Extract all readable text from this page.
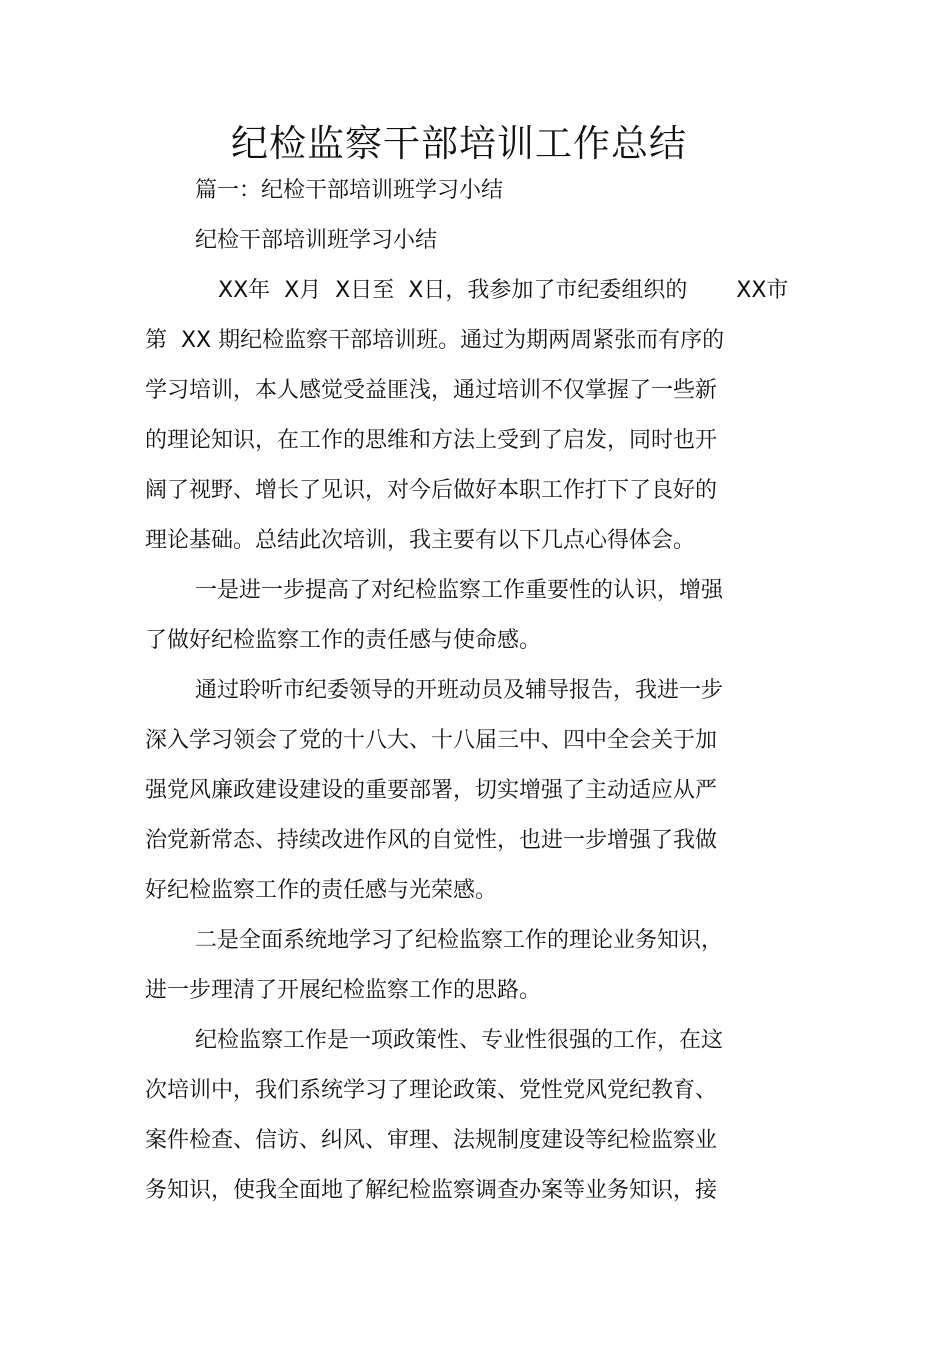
纪检监察干部培训工作总结

篇一：纪检干部培训班学习小结

纪检干部培训班学习小结

XX年  X月  X日至  X日，我参加了市纪委组织的       XX市

第  XX 期纪检监察干部培训班。通过为期两周紧张而有序的

学习培训，本人感觉受益匪浅，通过培训不仅掌握了一些新

的理论知识，在工作的思维和方法上受到了启发，同时也开

阔了视野、增长了见识，对今后做好本职工作打下了良好的

理论基础。总结此次培训，我主要有以下几点心得体会。

一是进一步提高了对纪检监察工作重要性的认识，增强

了做好纪检监察工作的责任感与使命感。

通过聆听市纪委领导的开班动员及辅导报告，我进一步

深入学习领会了党的十八大、十八届三中、四中全会关于加

强党风廉政建设建设的重要部署，切实增强了主动适应从严

治党新常态、持续改进作风的自觉性，也进一步增强了我做

好纪检监察工作的责任感与光荣感。

二是全面系统地学习了纪检监察工作的理论业务知识，

进一步理清了开展纪检监察工作的思路。

纪检监察工作是一项政策性、专业性很强的工作，在这

次培训中，我们系统学习了理论政策、党性党风党纪教育、

案件检查、信访、纠风、审理、法规制度建设等纪检监察业

务知识，使我全面地了解纪检监察调查办案等业务知识，接
